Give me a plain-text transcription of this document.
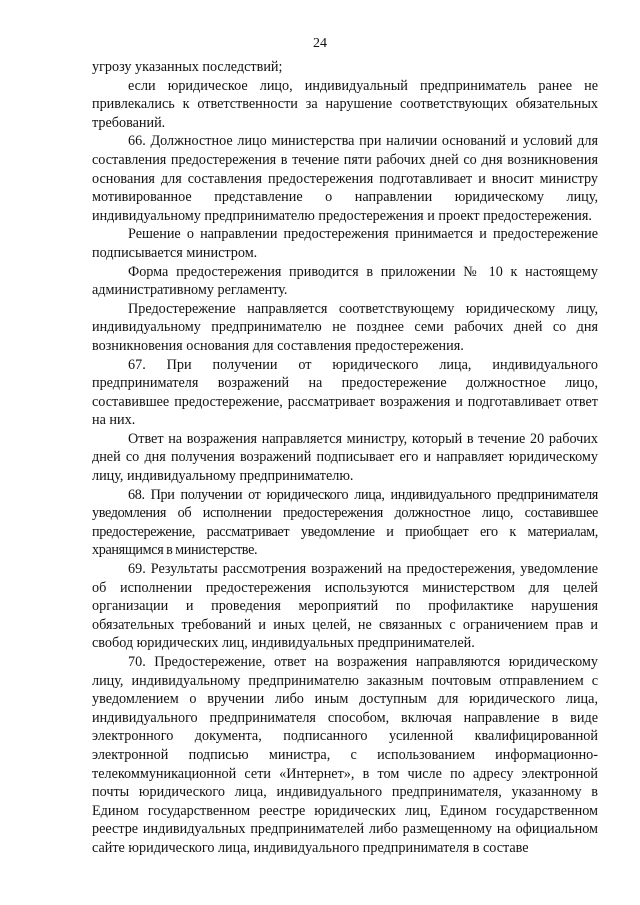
24

угрозу указанных последствий;

если юридическое лицо, индивидуальный предприниматель ранее не привлекались к ответственности за нарушение соответствующих обязательных требований.

66. Должностное лицо министерства при наличии оснований и условий для составления предостережения в течение пяти рабочих дней со дня возникновения основания для составления предостережения подготавливает и вносит министру мотивированное представление о направлении юридическому лицу, индивидуальному предпринимателю предостережения и проект предостережения.

Решение о направлении предостережения принимается и предостережение подписывается министром.

Форма предостережения приводится в приложении № 10 к настоящему административному регламенту.

Предостережение направляется соответствующему юридическому лицу, индивидуальному предпринимателю не позднее семи рабочих дней со дня возникновения основания для составления предостережения.

67. При получении от юридического лица, индивидуального предпринимателя возражений на предостережение должностное лицо, составившее предостережение, рассматривает возражения и подготавливает ответ на них.

Ответ на возражения направляется министру, который в течение 20 рабочих дней со дня получения возражений подписывает его и направляет юридическому лицу, индивидуальному предпринимателю.

68. При получении от юридического лица, индивидуального предпринимателя уведомления об исполнении предостережения должностное лицо, составившее предостережение, рассматривает уведомление и приобщает его к материалам, хранящимся в министерстве.

69. Результаты рассмотрения возражений на предостережения, уведомление об исполнении предостережения используются министерством для целей организации и проведения мероприятий по профилактике нарушения обязательных требований и иных целей, не связанных с ограничением прав и свобод юридических лиц, индивидуальных предпринимателей.

70. Предостережение, ответ на возражения направляются юридическому лицу, индивидуальному предпринимателю заказным почтовым отправлением с уведомлением о вручении либо иным доступным для юридического лица, индивидуального предпринимателя способом, включая направление в виде электронного документа, подписанного усиленной квалифицированной электронной подписью министра, с использованием информационно-телекоммуникационной сети «Интернет», в том числе по адресу электронной почты юридического лица, индивидуального предпринимателя, указанному в Едином государственном реестре юридических лиц, Едином государственном реестре индивидуальных предпринимателей либо размещенному на официальном сайте юридического лица, индивидуального предпринимателя в составе
